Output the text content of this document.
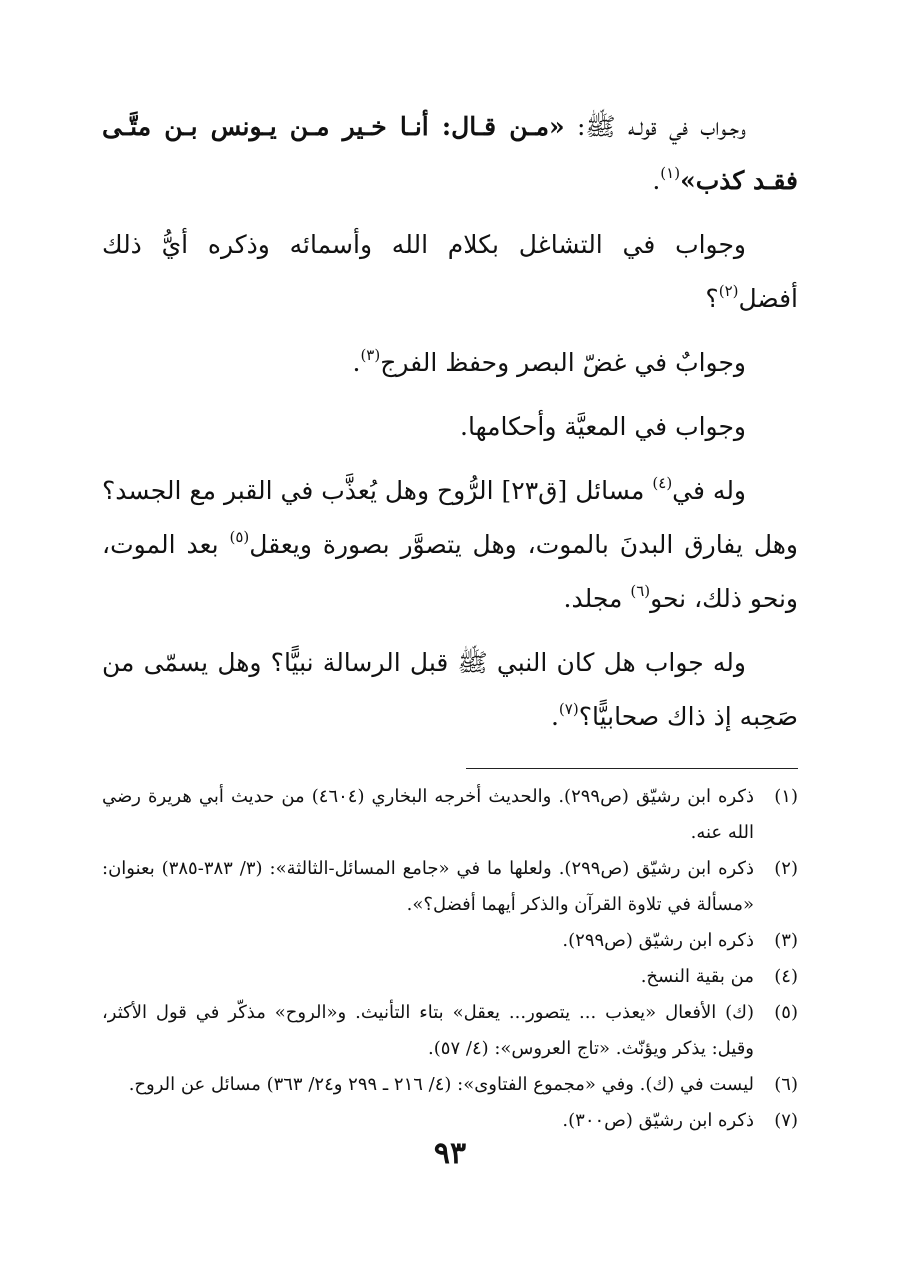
وجـواب في قولـه ﷺ: «مـن قـال: أنـا خـير مـن يـونس بـن متَّـى فقـد كذب»$^{(١)}$.

وجواب في التشاغل بكلام الله وأسمائه وذكره أيُّ ذلك أفضل$^{(٢)}$؟

وجوابٌ في غضّ البصر وحفظ الفرج$^{(٣)}$.

وجواب في المعيَّة وأحكامها.

وله في$^{(٤)}$ مسائل [ق٢٣] الرُّوح وهل يُعذَّب في القبر مع الجسد؟ وهل يفارق البدنَ بالموت، وهل يتصوَّر بصورة ويعقل$^{(٥)}$ بعد الموت، ونحو ذلك، نحو$^{(٦)}$ مجلد.

وله جواب هل كان النبي ﷺ قبل الرسالة نبيًّا؟ وهل يسمّى من صَحِبه إذ ذاك صحابيًّا؟$^{(٧)}$.

(١)
ذكره ابن رشيّق (ص٢٩٩). والحديث أخرجه البخاري (٤٦٠٤) من حديث أبي هريرة رضي الله عنه.
(٢)
ذكره ابن رشيّق (ص٢٩٩). ولعلها ما في «جامع المسائل-الثالثة»: (٣/ ٣٨٣-٣٨٥) بعنوان: «مسألة في تلاوة القرآن والذكر أيهما أفضل؟».
(٣)
ذكره ابن رشيّق (ص٢٩٩).
(٤)
من بقية النسخ.
(٥)
(ك) الأفعال «يعذب ... يتصور... يعقل» بتاء التأنيث. و«الروح» مذكّر في قول الأكثر، وقيل: يذكر ويؤنّث. «تاج العروس»: (٤/ ٥٧).
(٦)
ليست في (ك). وفي «مجموع الفتاوى»: (٤/ ٢١٦ ـ ٢٩٩ و٢٤/ ٣٦٣) مسائل عن الروح.
(٧)
ذكره ابن رشيّق (ص٣٠٠).
٩٣
